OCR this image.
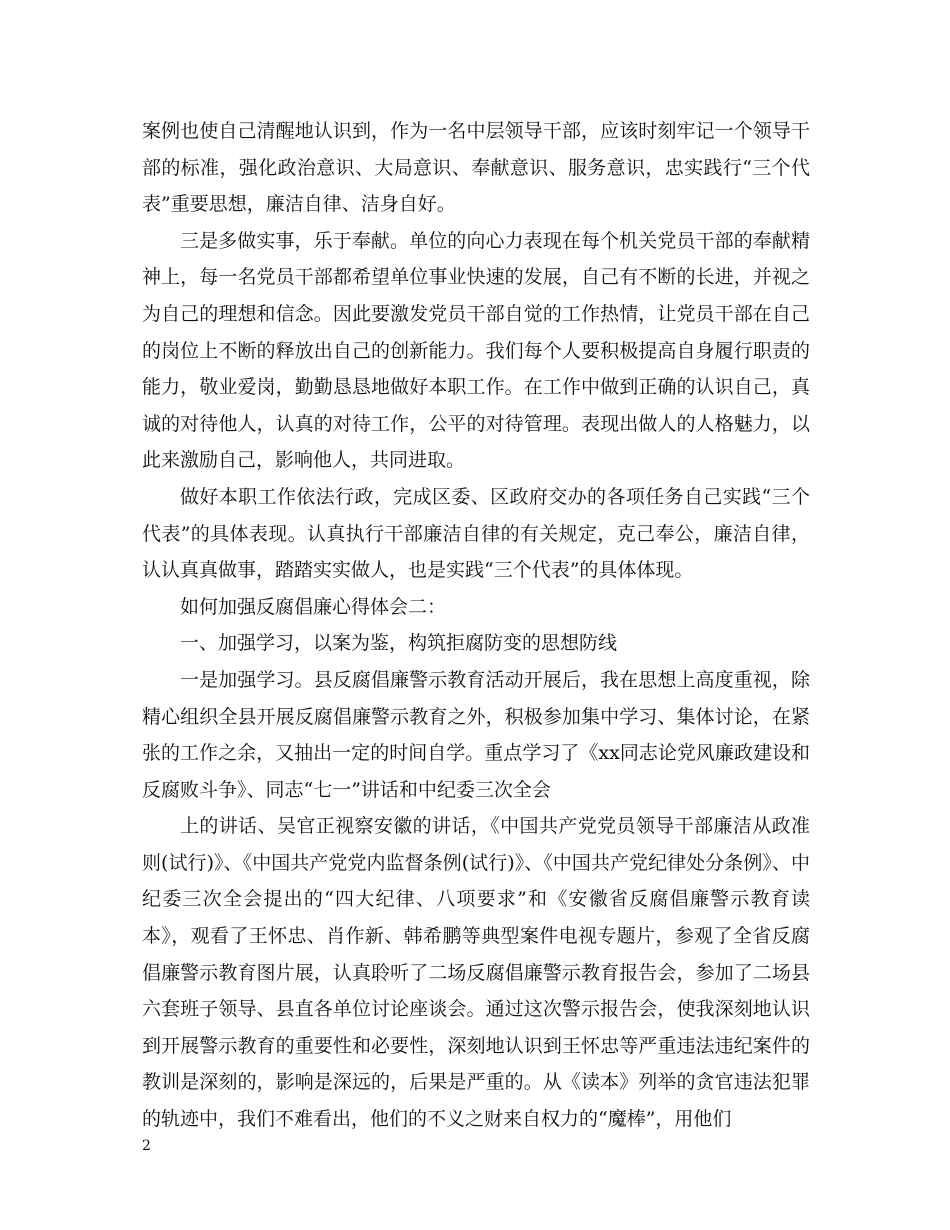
案例也使自己清醒地认识到，作为一名中层领导干部，应该时刻牢记一个领导干部的标准，强化政治意识、大局意识、奉献意识、服务意识，忠实践行“三个代表”重要思想，廉洁自律、洁身自好。

三是多做实事，乐于奉献。单位的向心力表现在每个机关党员干部的奉献精神上，每一名党员干部都希望单位事业快速的发展，自己有不断的长进，并视之为自己的理想和信念。因此要激发党员干部自觉的工作热情，让党员干部在自己的岗位上不断的释放出自己的创新能力。我们每个人要积极提高自身履行职责的能力，敬业爱岗，勤勤恳恳地做好本职工作。在工作中做到正确的认识自己，真诚的对待他人，认真的对待工作，公平的对待管理。表现出做人的人格魅力，以此来激励自己，影响他人，共同进取。

做好本职工作依法行政，完成区委、区政府交办的各项任务自己实践“三个代表”的具体表现。认真执行干部廉洁自律的有关规定，克己奉公，廉洁自律，认认真真做事，踏踏实实做人，也是实践“三个代表”的具体体现。

如何加强反腐倡廉心得体会二：

一、加强学习，以案为鉴，构筑拒腐防变的思想防线

一是加强学习。县反腐倡廉警示教育活动开展后，我在思想上高度重视，除精心组织全县开展反腐倡廉警示教育之外，积极参加集中学习、集体讨论，在紧张的工作之余，又抽出一定的时间自学。重点学习了《xx同志论党风廉政建设和反腐败斗争》、同志“七一”讲话和中纪委三次全会

上的讲话、吴官正视察安徽的讲话，《中国共产党党员领导干部廉洁从政准则(试行)》、《中国共产党党内监督条例(试行)》、《中国共产党纪律处分条例》、中纪委三次全会提出的“四大纪律、八项要求”和《安徽省反腐倡廉警示教育读本》，观看了王怀忠、肖作新、韩希鹏等典型案件电视专题片，参观了全省反腐倡廉警示教育图片展，认真聆听了二场反腐倡廉警示教育报告会，参加了二场县六套班子领导、县直各单位讨论座谈会。通过这次警示报告会，使我深刻地认识到开展警示教育的重要性和必要性，深刻地认识到王怀忠等严重违法违纪案件的教训是深刻的，影响是深远的，后果是严重的。从《读本》列举的贪官违法犯罪的轨迹中，我们不难看出，他们的不义之财来自权力的“魔棒”，用他们

2
